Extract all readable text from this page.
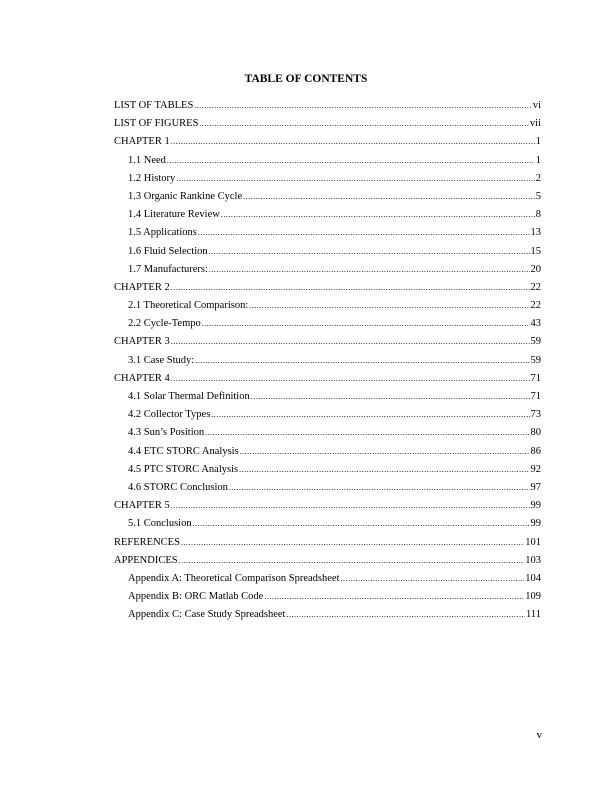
TABLE OF CONTENTS
LIST OF TABLES .....	vi
LIST OF FIGURES .....	vii
CHAPTER 1 .....	1
1.1 Need .....	1
1.2 History .....	2
1.3 Organic Rankine Cycle .....	5
1.4 Literature Review .....	8
1.5 Applications .....	13
1.6 Fluid Selection .....	15
1.7 Manufacturers: .....	20
CHAPTER 2 .....	22
2.1 Theoretical Comparison: .....	22
2.2 Cycle-Tempo .....	43
CHAPTER 3 .....	59
3.1 Case Study: .....	59
CHAPTER 4 .....	71
4.1 Solar Thermal Definition .....	71
4.2 Collector Types .....	73
4.3 Sun’s Position .....	80
4.4 ETC STORC Analysis .....	86
4.5 PTC STORC Analysis .....	92
4.6 STORC Conclusion .....	97
CHAPTER 5 .....	99
5.1 Conclusion .....	99
REFERENCES .....	101
APPENDICES .....	103
Appendix A: Theoretical Comparison Spreadsheet .....	104
Appendix B: ORC Matlab Code .....	109
Appendix C: Case Study Spreadsheet .....	111
v
